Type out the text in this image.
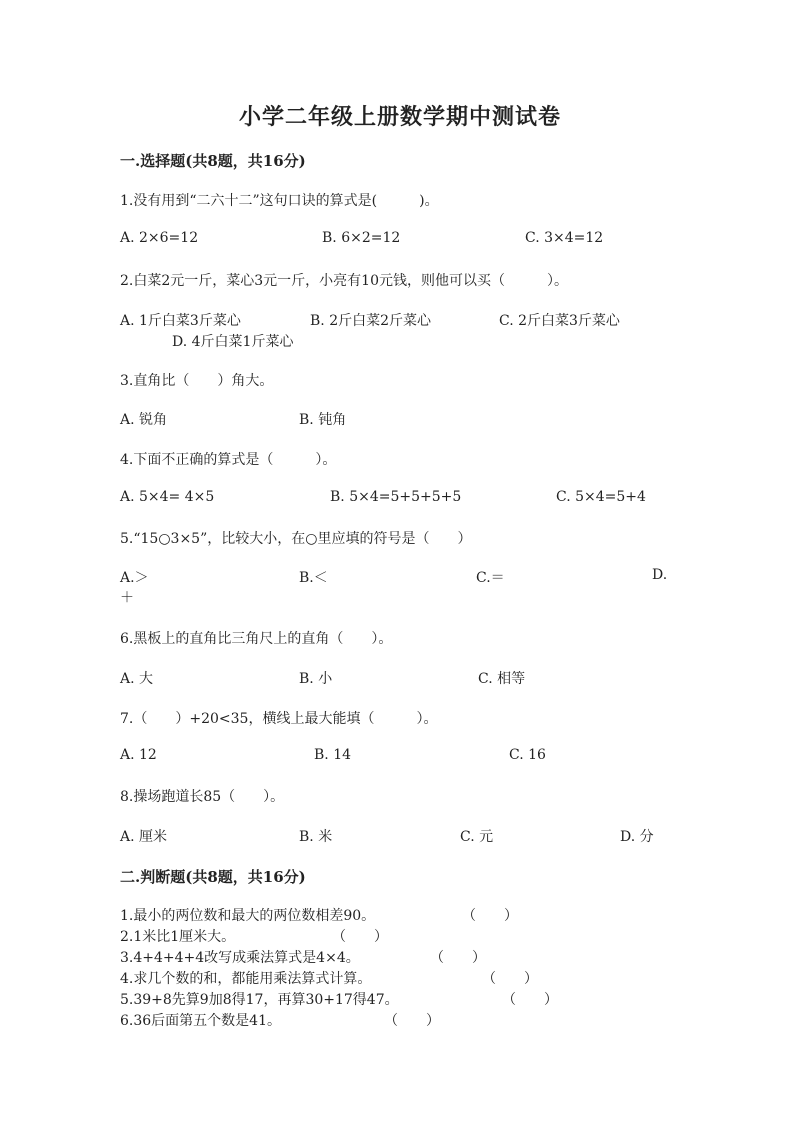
小学二年级上册数学期中测试卷
一.选择题(共8题，共16分)
1.没有用到“二六十二”这句口诀的算式是(　　　)。
A. 2×6=12	B. 6×2=12	C. 3×4=12
2.白菜2元一斤，菜心3元一斤，小亮有10元钱，则他可以买（　　　）。
A. 1斤白菜3斤菜心	B. 2斤白菜2斤菜心	C. 2斤白菜3斤菜心
D. 4斤白菜1斤菜心
3.直角比（　　）角大。
A. 锐角	B. 钝角
4.下面不正确的算式是（　　　）。
A. 5×4= 4×5	B. 5×4=5+5+5+5	C. 5×4=5+4
5.“15○3×5”，比较大小，在○里应填的符号是（　　）
A.＞	B.＜	C.＝	D.
＋
6.黑板上的直角比三角尺上的直角（　　）。
A. 大	B. 小	C. 相等
7.（　　）+20<35，横线上最大能填（　　　）。
A. 12	B. 14	C. 16
8.操场跑道长85（　　）。
A. 厘米	B. 米	C. 元	D. 分
二.判断题(共8题，共16分)
1.最小的两位数和最大的两位数相差90。	（　　）
2.1米比1厘米大。	（　　）
3.4+4+4+4改写成乘法算式是4×4。	（　　）
4.求几个数的和，都能用乘法算式计算。	（　　）
5.39+8先算9加8得17，再算30+17得47。	（　　）
6.36后面第五个数是41。	（　　）
